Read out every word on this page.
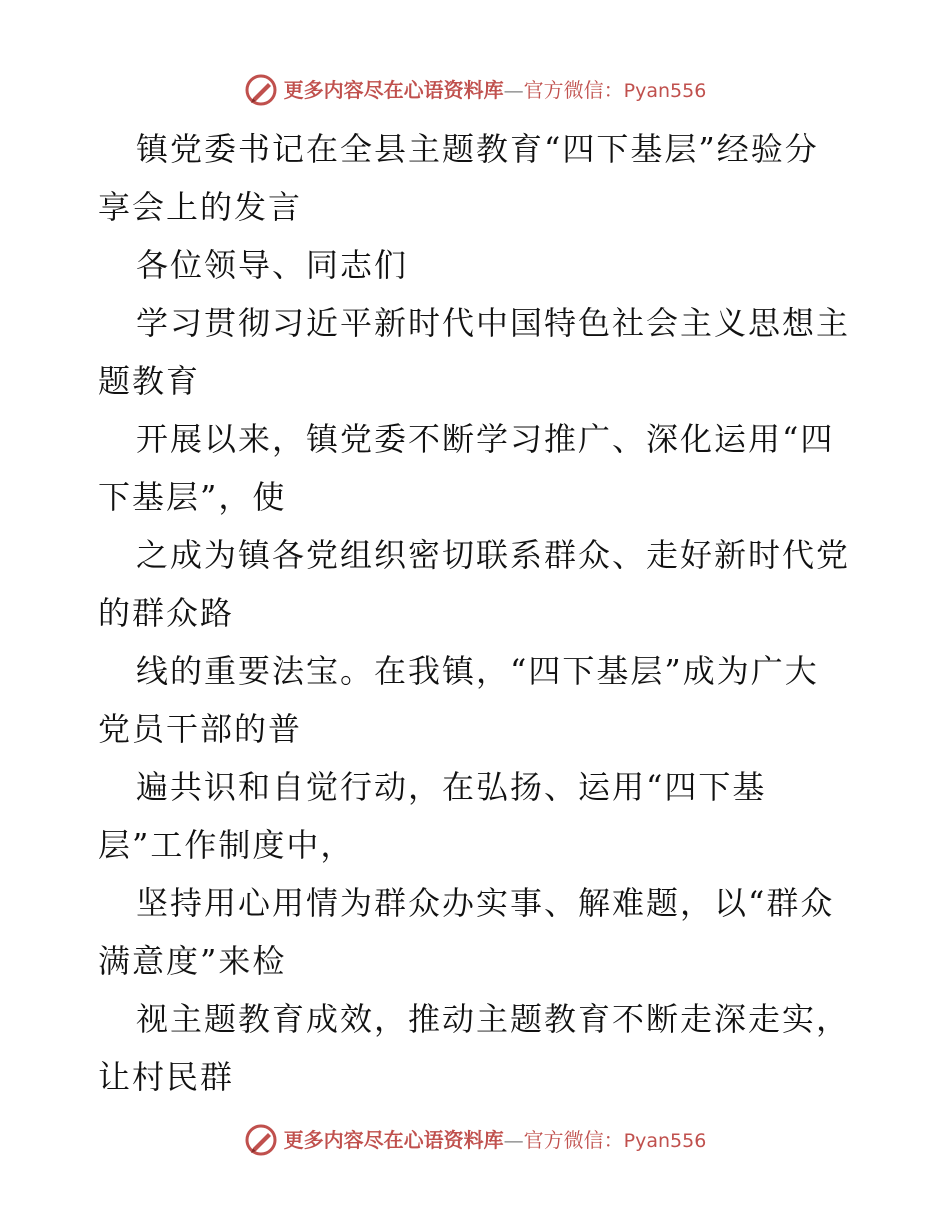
更多内容尽在心语资料库—官方微信：Pyan556

镇党委书记在全县主题教育“四下基层”经验分
享会上的发言
各位领导、同志们
学习贯彻习近平新时代中国特色社会主义思想主
题教育
开展以来，镇党委不断学习推广、深化运用“四
下基层”，使
之成为镇各党组织密切联系群众、走好新时代党
的群众路
线的重要法宝。在我镇，“四下基层”成为广大
党员干部的普
遍共识和自觉行动，在弘扬、运用“四下基
层”工作制度中，
坚持用心用情为群众办实事、解难题，以“群众
满意度”来检
视主题教育成效，推动主题教育不断走深走实，
让村民群

更多内容尽在心语资料库—官方微信：Pyan556
